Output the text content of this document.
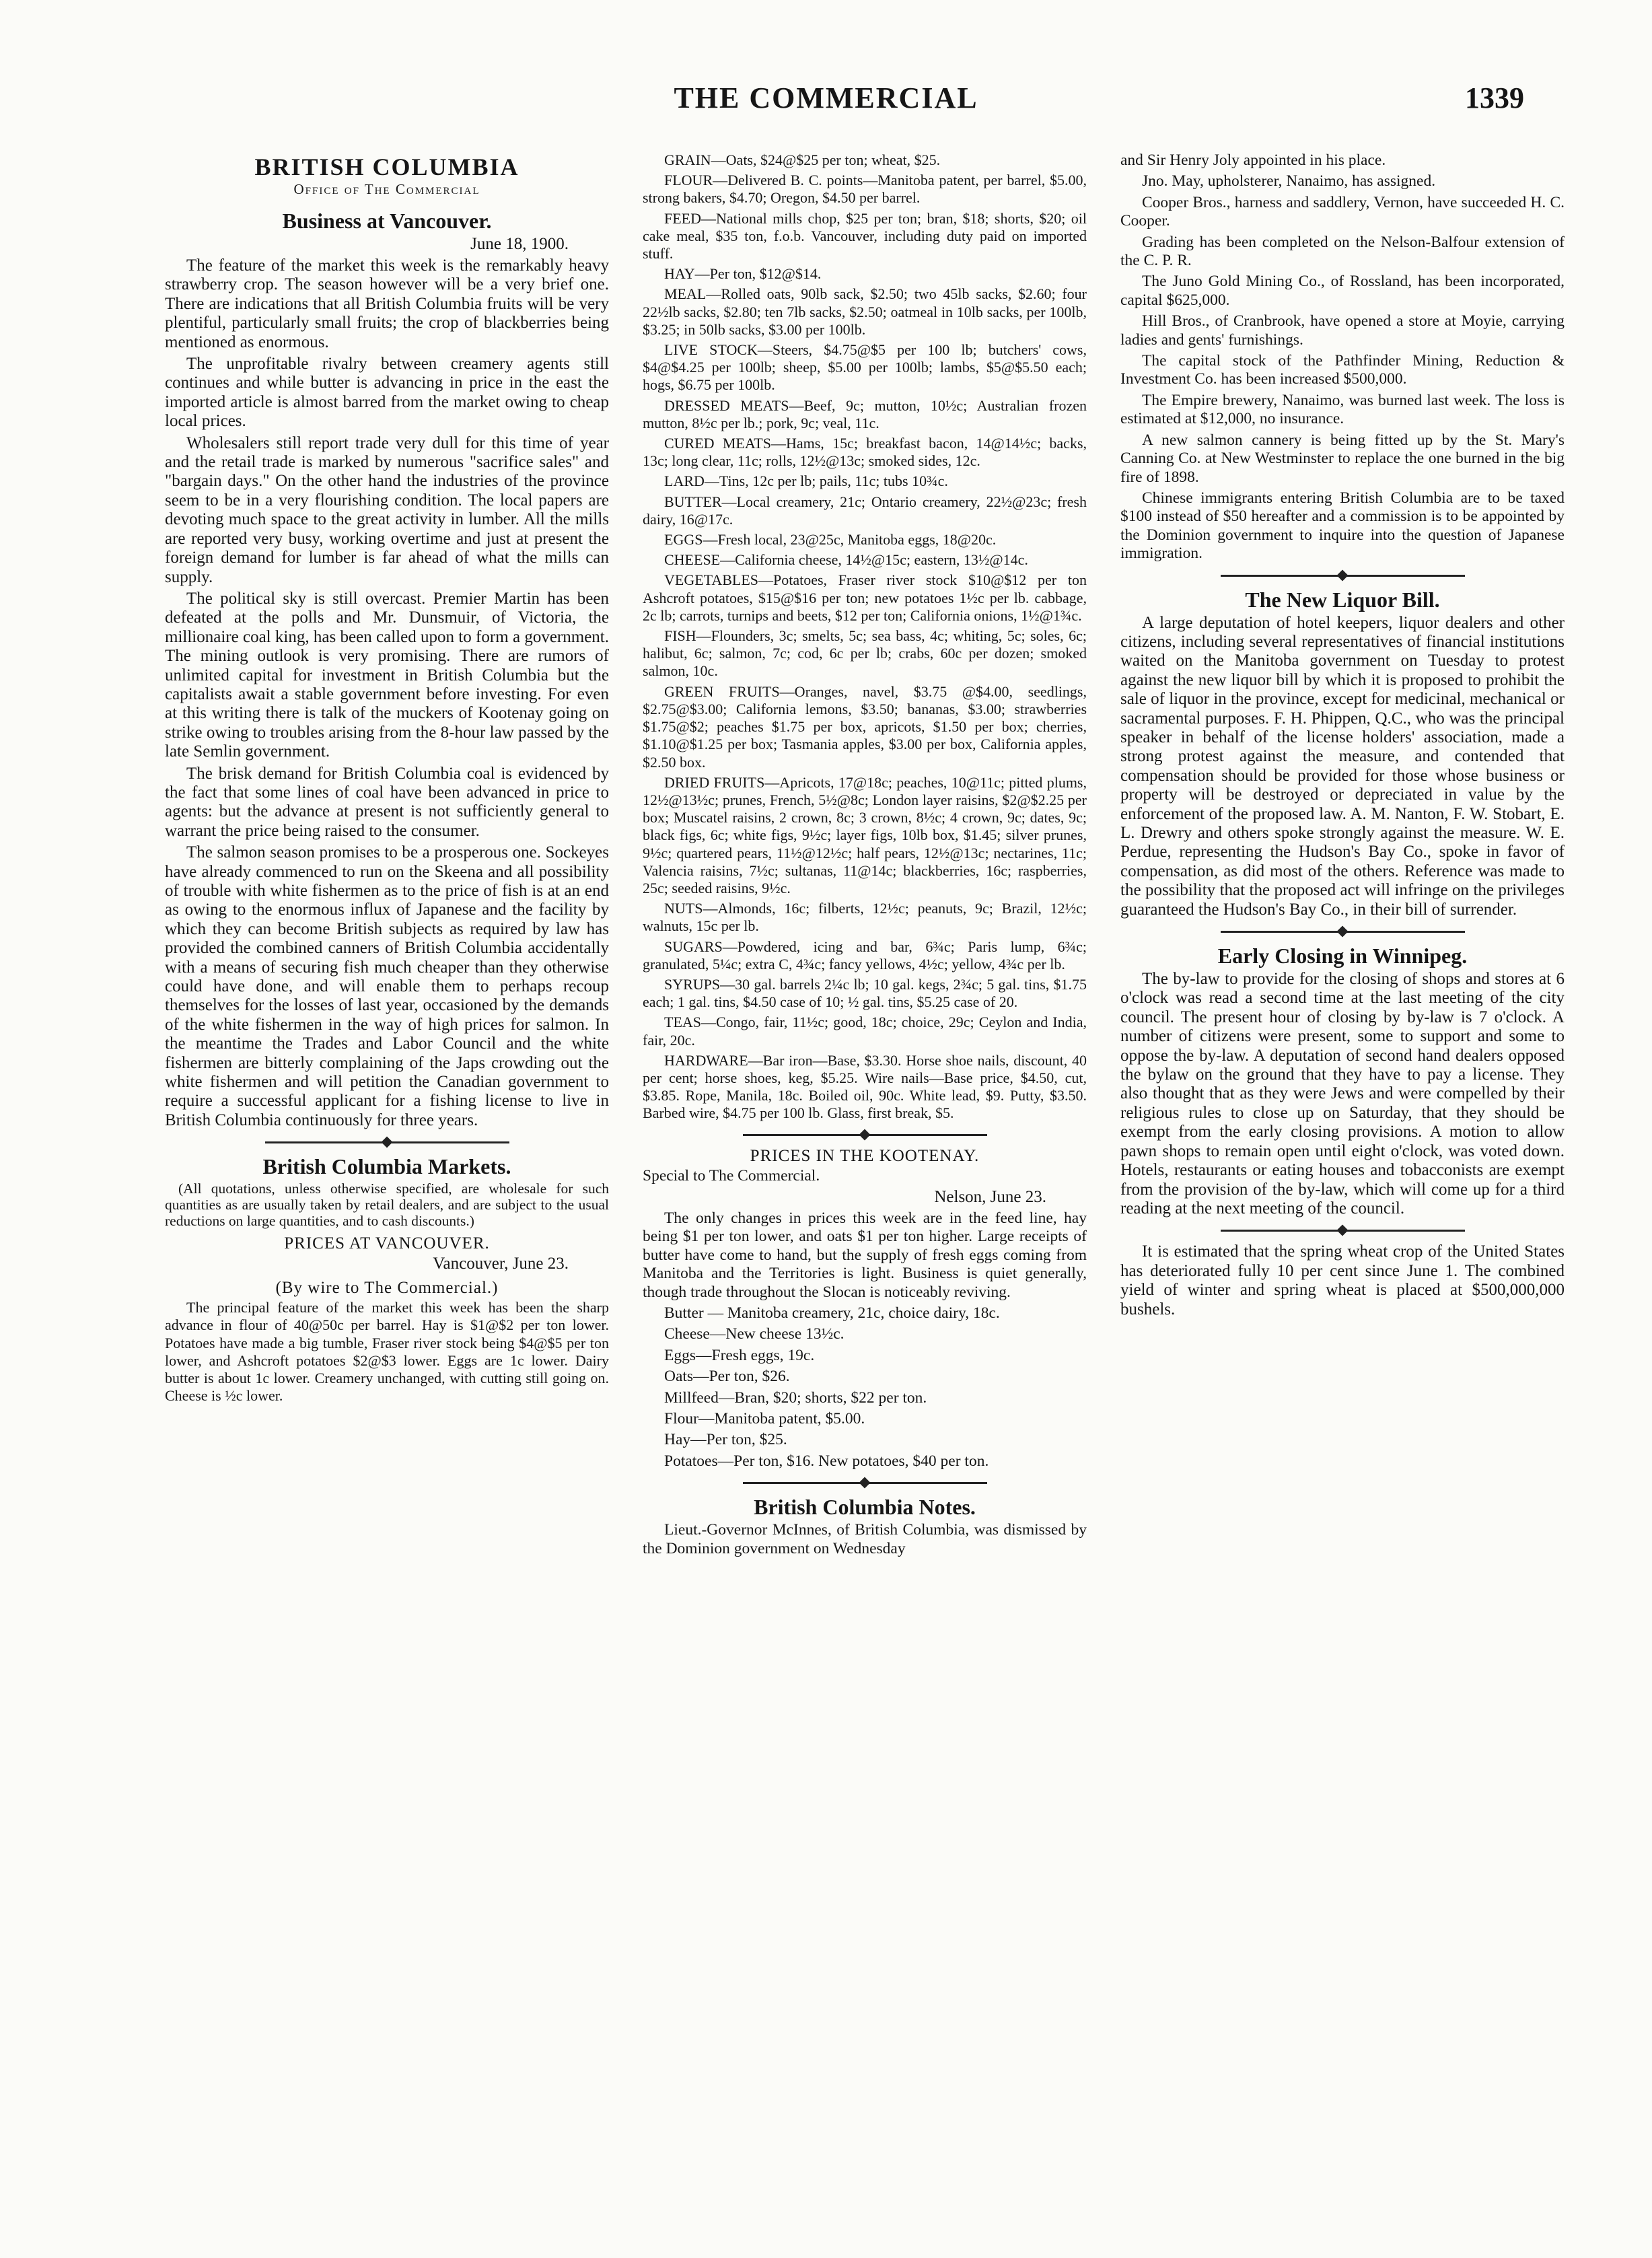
THE COMMERCIAL	1339
BRITISH COLUMBIA
Office of The Commercial
Business at Vancouver.
June 18, 1900.

The feature of the market this week is the remarkably heavy strawberry crop. The season however will be a very brief one. There are indications that all British Columbia fruits will be very plentiful, particularly small fruits; the crop of blackberries being mentioned as enormous.

The unprofitable rivalry between creamery agents still continues and while butter is advancing in price in the east the imported article is almost barred from the market owing to cheap local prices.

Wholesalers still report trade very dull for this time of year and the retail trade is marked by numerous "sacrifice sales" and "bargain days." On the other hand the industries of the province seem to be in a very flourishing condition. The local papers are devoting much space to the great activity in lumber. All the mills are reported very busy, working overtime and just at present the foreign demand for lumber is far ahead of what the mills can supply.

The political sky is still overcast. Premier Martin has been defeated at the polls and Mr. Dunsmuir, of Victoria, the millionaire coal king, has been called upon to form a government. The mining outlook is very promising. There are rumors of unlimited capital for investment in British Columbia but the capitalists await a stable government before investing. For even at this writing there is talk of the muckers of Kootenay going on strike owing to troubles arising from the 8-hour law passed by the late Semlin government.

The brisk demand for British Columbia coal is evidenced by the fact that some lines of coal have been advanced in price to agents: but the advance at present is not sufficiently general to warrant the price being raised to the consumer.

The salmon season promises to be a prosperous one. Sockeyes have already commenced to run on the Skeena and all possibility of trouble with white fishermen as to the price of fish is at an end as owing to the enormous influx of Japanese and the facility by which they can become British subjects as required by law has provided the combined canners of British Columbia accidentally with a means of securing fish much cheaper than they otherwise could have done, and will enable them to perhaps recoup themselves for the losses of last year, occasioned by the demands of the white fishermen in the way of high prices for salmon. In the meantime the Trades and Labor Council and the white fishermen are bitterly complaining of the Japs crowding out the white fishermen and will petition the Canadian government to require a successful applicant for a fishing license to live in British Columbia continuously for three years.

British Columbia Markets.

(All quotations, unless otherwise specified, are wholesale for such quantities as are usually taken by retail dealers, and are subject to the usual reductions on large quantities, and to cash discounts.)

PRICES AT VANCOUVER.
Vancouver, June 23.
(By wire to The Commercial.)

The principal feature of the market this week has been the sharp advance in flour of 40@50c per barrel. Hay is $1@$2 per ton lower. Potatoes have made a big tumble, Fraser river stock being $4@$5 per ton lower, and Ashcroft potatoes $2@$3 lower. Eggs are 1c lower. Dairy butter is about 1c lower. Creamery unchanged, with cutting still going on. Cheese is ½c lower.

GRAIN—Oats, $24@$25 per ton; wheat, $25.

FLOUR—Delivered B. C. points—Manitoba patent, per barrel, $5.00, strong bakers, $4.70; Oregon, $4.50 per barrel.

FEED—National mills chop, $25 per ton; bran, $18; shorts, $20; oil cake meal, $35 ton, f.o.b. Vancouver, including duty paid on imported stuff.

HAY—Per ton, $12@$14.

MEAL—Rolled oats, 90lb sack, $2.50; two 45lb sacks, $2.60; four 22½lb sacks, $2.80; ten 7lb sacks, $2.50; oatmeal in 10lb sacks, per 100lb, $3.25; in 50lb sacks, $3.00 per 100lb.

LIVE STOCK—Steers, $4.75@$5 per 100 lb; butchers' cows, $4@$4.25 per 100lb; sheep, $5.00 per 100lb; lambs, $5@$5.50 each; hogs, $6.75 per 100lb.

DRESSED MEATS—Beef, 9c; mutton, 10½c; Australian frozen mutton, 8½c per lb.; pork, 9c; veal, 11c.

CURED MEATS—Hams, 15c; breakfast bacon, 14@14½c; backs, 13c; long clear, 11c; rolls, 12½@13c; smoked sides, 12c.

LARD—Tins, 12c per lb; pails, 11c; tubs 10¾c.

BUTTER—Local creamery, 21c; Ontario creamery, 22½@23c; fresh dairy, 16@17c.

EGGS—Fresh local, 23@25c, Manitoba eggs, 18@20c.

CHEESE—California cheese, 14½@15c; eastern, 13½@14c.

VEGETABLES—Potatoes, Fraser river stock $10@$12 per ton Ashcroft potatoes, $15@$16 per ton; new potatoes 1½c per lb. cabbage, 2c lb; carrots, turnips and beets, $12 per ton; California onions, 1½@1¾c.

FISH—Flounders, 3c; smelts, 5c; sea bass, 4c; whiting, 5c; soles, 6c; halibut, 6c; salmon, 7c; cod, 6c per lb; crabs, 60c per dozen; smoked salmon, 10c.

GREEN FRUITS—Oranges, navel, $3.75 @$4.00, seedlings, $2.75@$3.00; California lemons, $3.50; bananas, $3.00; strawberries $1.75@$2; peaches $1.75 per box, apricots, $1.50 per box; cherries, $1.10@$1.25 per box; Tasmania apples, $3.00 per box, California apples, $2.50 box.

DRIED FRUITS—Apricots, 17@18c; peaches, 10@11c; pitted plums, 12½@13½c; prunes, French, 5½@8c; London layer raisins, $2@$2.25 per box; Muscatel raisins, 2 crown, 8c; 3 crown, 8½c; 4 crown, 9c; dates, 9c; black figs, 6c; white figs, 9½c; layer figs, 10lb box, $1.45; silver prunes, 9½c; quartered pears, 11½@12½c; half pears, 12½@13c; nectarines, 11c; Valencia raisins, 7½c; sultanas, 11@14c; blackberries, 16c; raspberries, 25c; seeded raisins, 9½c.

NUTS—Almonds, 16c; filberts, 12½c; peanuts, 9c; Brazil, 12½c; walnuts, 15c per lb.

SUGARS—Powdered, icing and bar, 6¾c; Paris lump, 6¾c; granulated, 5¼c; extra C, 4¾c; fancy yellows, 4½c; yellow, 4¾c per lb.

SYRUPS—30 gal. barrels 2¼c lb; 10 gal. kegs, 2¾c; 5 gal. tins, $1.75 each; 1 gal. tins, $4.50 case of 10; ½ gal. tins, $5.25 case of 20.

TEAS—Congo, fair, 11½c; good, 18c; choice, 29c; Ceylon and India, fair, 20c.

HARDWARE—Bar iron—Base, $3.30. Horse shoe nails, discount, 40 per cent; horse shoes, keg, $5.25. Wire nails—Base price, $4.50, cut, $3.85. Rope, Manila, 18c. Boiled oil, 90c. White lead, $9. Putty, $3.50. Barbed wire, $4.75 per 100 lb. Glass, first break, $5.

PRICES IN THE KOOTENAY.

Special to The Commercial.

Nelson, June 23.

The only changes in prices this week are in the feed line, hay being $1 per ton lower, and oats $1 per ton higher. Large receipts of butter have come to hand, but the supply of fresh eggs coming from Manitoba and the Territories is light. Business is quiet generally, though trade throughout the Slocan is noticeably reviving.

Butter — Manitoba creamery, 21c, choice dairy, 18c.

Cheese—New cheese 13½c.

Eggs—Fresh eggs, 19c.

Oats—Per ton, $26.

Millfeed—Bran, $20; shorts, $22 per ton.

Flour—Manitoba patent, $5.00.

Hay—Per ton, $25.

Potatoes—Per ton, $16. New potatoes, $40 per ton.

British Columbia Notes.

Lieut.-Governor McInnes, of British Columbia, was dismissed by the Dominion government on Wednesday

and Sir Henry Joly appointed in his place.

Jno. May, upholsterer, Nanaimo, has assigned.

Cooper Bros., harness and saddlery, Vernon, have succeeded H. C. Cooper.

Grading has been completed on the Nelson-Balfour extension of the C. P. R.

The Juno Gold Mining Co., of Rossland, has been incorporated, capital $625,000.

Hill Bros., of Cranbrook, have opened a store at Moyie, carrying ladies and gents' furnishings.

The capital stock of the Pathfinder Mining, Reduction & Investment Co. has been increased $500,000.

The Empire brewery, Nanaimo, was burned last week. The loss is estimated at $12,000, no insurance.

A new salmon cannery is being fitted up by the St. Mary's Canning Co. at New Westminster to replace the one burned in the big fire of 1898.

Chinese immigrants entering British Columbia are to be taxed $100 instead of $50 hereafter and a commission is to be appointed by the Dominion government to inquire into the question of Japanese immigration.

The New Liquor Bill.

A large deputation of hotel keepers, liquor dealers and other citizens, including several representatives of financial institutions waited on the Manitoba government on Tuesday to protest against the new liquor bill by which it is proposed to prohibit the sale of liquor in the province, except for medicinal, mechanical or sacramental purposes. F. H. Phippen, Q.C., who was the principal speaker in behalf of the license holders' association, made a strong protest against the measure, and contended that compensation should be provided for those whose business or property will be destroyed or depreciated in value by the enforcement of the proposed law. A. M. Nanton, F. W. Stobart, E. L. Drewry and others spoke strongly against the measure. W. E. Perdue, representing the Hudson's Bay Co., spoke in favor of compensation, as did most of the others. Reference was made to the possibility that the proposed act will infringe on the privileges guaranteed the Hudson's Bay Co., in their bill of surrender.

Early Closing in Winnipeg.

The by-law to provide for the closing of shops and stores at 6 o'clock was read a second time at the last meeting of the city council. The present hour of closing by by-law is 7 o'clock. A number of citizens were present, some to support and some to oppose the by-law. A deputation of second hand dealers opposed the bylaw on the ground that they have to pay a license. They also thought that as they were Jews and were compelled by their religious rules to close up on Saturday, that they should be exempt from the early closing provisions. A motion to allow pawn shops to remain open until eight o'clock, was voted down. Hotels, restaurants or eating houses and tobacconists are exempt from the provision of the by-law, which will come up for a third reading at the next meeting of the council.

It is estimated that the spring wheat crop of the United States has deteriorated fully 10 per cent since June 1. The combined yield of winter and spring wheat is placed at $500,000,000 bushels.
